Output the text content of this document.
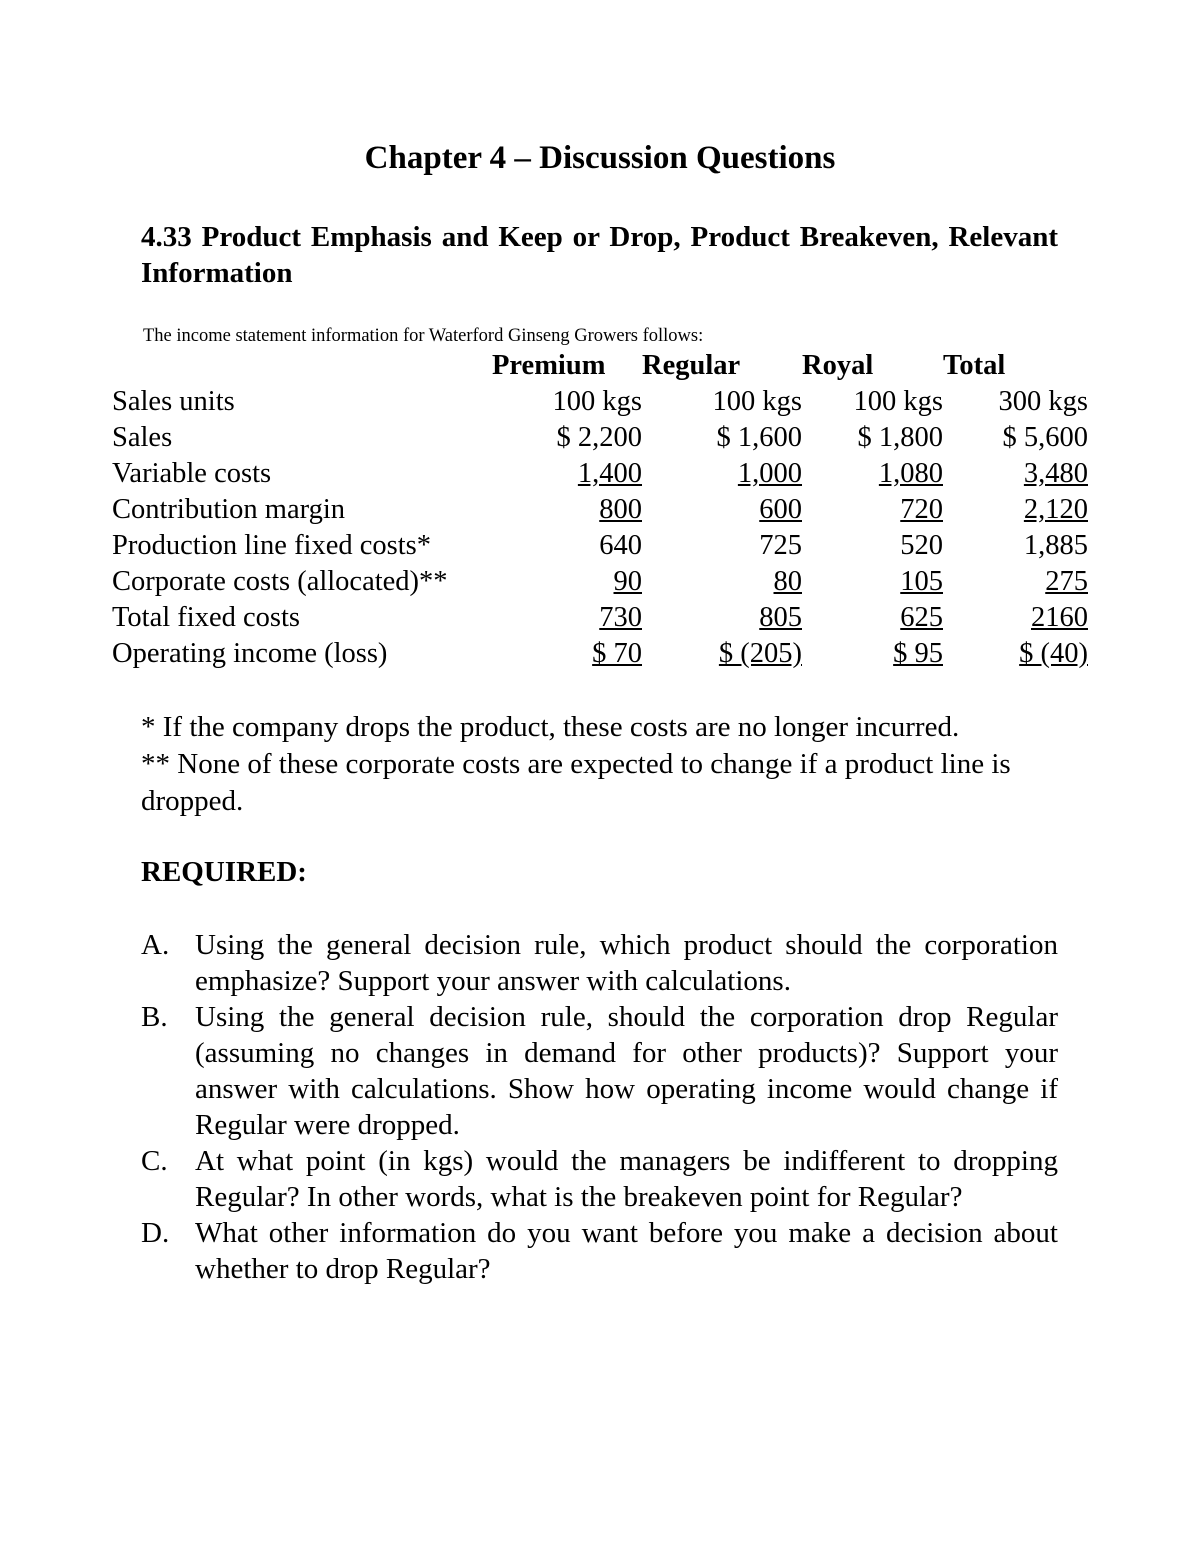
Chapter 4 – Discussion Questions
4.33 Product Emphasis and Keep or Drop, Product Breakeven, Relevant Information

The income statement information for Waterford Ginseng Growers follows:

	Premium	Regular	Royal	Total
Sales units	100 kgs	100 kgs	100 kgs	300 kgs
Sales	$ 2,200	$ 1,600	$ 1,800	$ 5,600
Variable costs	1,400	1,000	1,080	3,480
Contribution margin	800	600	720	2,120
Production line fixed costs*	640	725	520	1,885
Corporate costs (allocated)**	90	80	105	275
Total fixed costs	730	805	625	2160
Operating income (loss)	$ 70	$ (205)	$ 95	$ (40)

* If the company drops the product, these costs are no longer incurred.

** None of these corporate costs are expected to change if a product line is dropped.

REQUIRED:

A. Using the general decision rule, which product should the corporation emphasize? Support your answer with calculations.
B. Using the general decision rule, should the corporation drop Regular (assuming no changes in demand for other products)? Support your answer with calculations. Show how operating income would change if Regular were dropped.
C. At what point (in kgs) would the managers be indifferent to dropping Regular? In other words, what is the breakeven point for Regular?
D. What other information do you want before you make a decision about whether to drop Regular?
